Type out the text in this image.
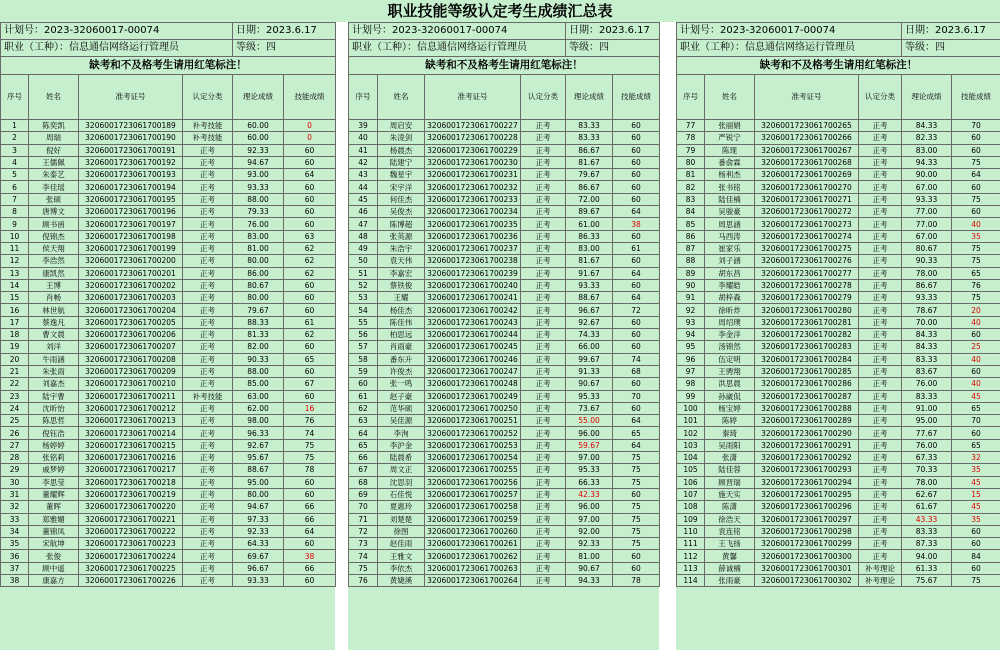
职业技能等级认定考生成绩汇总表
计划号：2023-32060017-00074				日期：2023.6.17	
职业（工种）：信息通信网络运行管理员				等级：四	
缺考和不及格考生请用红笔标注！					
序号	姓名	准考证号	认定分类	理论成绩	技能成绩
1	陈奕凯	3206001723061700189	补考技能	60.00	0
2	周瑞	3206001723061700190	补考技能	60.00	0
3	倪好	3206001723061700191	正考	92.33	60
4	王儒佩	3206001723061700192	正考	94.67	60
5	朱泰艺	3206001723061700193	正考	93.00	64
6	李佳瑶	3206001723061700194	正考	93.33	60
7	张硕	3206001723061700195	正考	88.00	60
8	唐博文	3206001723061700196	正考	79.33	60
9	顾书函	3206001723061700197	正考	76.00	60
10	倪锦杰	3206001723061700198	正考	83.00	63
11	侯天翔	3206001723061700199	正考	81.00	62
12	李浩然	3206001723061700200	正考	80.00	62
13	康凯然	3206001723061700201	正考	86.00	62
14	王博	3206001723061700202	正考	80.67	60
15	肖畅	3206001723061700203	正考	80.00	60
16	林世航	3206001723061700204	正考	79.67	60
17	蔡逸凡	3206001723061700205	正考	88.33	61
18	曹文晨	3206001723061700206	正考	81.33	62
19	刘洋	3206001723061700207	正考	82.00	60
20	牛雨涵	3206001723061700208	正考	90.33	65
21	朱张雨	3206001723061700209	正考	88.00	60
22	刘嘉杰	3206001723061700210	正考	85.00	67
23	陆宇曹	3206001723061700211	补考技能	63.00	60
24	沈昕怡	3206001723061700212	正考	62.00	16
25	陈思哲	3206001723061700213	正考	98.00	76
26	倪钰浩	3206001723061700214	正考	96.33	74
27	杨婷婷	3206001723061700215	正考	92.67	75
28	张铭莉	3206001723061700216	正考	95.67	75
29	戚梦婷	3206001723061700217	正考	88.67	78
30	李思莹	3206001723061700218	正考	95.00	60
31	董耀辉	3206001723061700219	正考	80.00	60
32	董晖	3206001723061700220	正考	94.67	66
33	郑雅媚	3206001723061700221	正考	97.33	66
34	董锦凤	3206001723061700222	正考	92.33	64
35	宋航坤	3206001723061700223	正考	64.33	60
36	张俊	3206001723061700224	正考	69.67	38
37	顾中遥	3206001723061700225	正考	96.67	66
38	康嘉方	3206001723061700226	正考	93.33	60
计划号：2023-32060017-00074				日期：2023.6.17	
职业（工种）：信息通信网络运行管理员				等级：四	
缺考和不及格考生请用红笔标注！					
序号	姓名	准考证号	认定分类	理论成绩	技能成绩
39	周启安	3206001723061700227	正考	83.33	60
40	朱凌剑	3206001723061700228	正考	83.33	60
41	杨晨杰	3206001723061700229	正考	86.67	60
42	陆建宁	3206001723061700230	正考	81.67	60
43	魏星宇	3206001723061700231	正考	79.67	60
44	宋宇洋	3206001723061700232	正考	86.67	60
45	何佳杰	3206001723061700233	正考	72.00	60
46	吴俊杰	3206001723061700234	正考	89.67	64
47	陈博超	3206001723061700235	正考	61.00	38
48	张英源	3206001723061700236	正考	86.33	60
49	朱浩宇	3206001723061700237	正考	83.00	61
50	袁天伟	3206001723061700238	正考	81.67	60
51	李嘉宏	3206001723061700239	正考	91.67	64
52	蔡铁俊	3206001723061700240	正考	93.33	60
53	王耀	3206001723061700241	正考	88.67	64
54	杨佳杰	3206001723061700242	正考	96.67	72
55	陈佳伟	3206001723061700243	正考	92.67	60
56	柏思远	3206001723061700244	正考	74.33	60
57	肖雨豪	3206001723061700245	正考	66.00	60
58	番东升	3206001723061700246	正考	99.67	74
59	许俊杰	3206001723061700247	正考	91.33	68
60	张一鸣	3206001723061700248	正考	90.67	60
61	赵子豪	3206001723061700249	正考	95.33	70
62	范华硕	3206001723061700250	正考	73.67	60
63	吴佳源	3206001723061700251	正考	55.00	64
64	李洵	3206001723061700252	正考	96.00	65
65	李沪金	3206001723061700253	正考	59.67	64
66	陆晨希	3206001723061700254	正考	97.00	75
67	周文正	3206001723061700255	正考	95.33	75
68	沈思羽	3206001723061700256	正考	66.33	75
69	石佳悦	3206001723061700257	正考	42.33	60
70	夏惠玲	3206001723061700258	正考	96.00	75
71	刘楚楚	3206001723061700259	正考	97.00	75
72	徐图	3206001723061700260	正考	92.00	75
73	赵佳雨	3206001723061700261	正考	92.33	75
74	王雅文	3206001723061700262	正考	81.00	60
75	李依杰	3206001723061700263	正考	90.67	60
76	黄婕溪	3206001723061700264	正考	94.33	78
计划号：2023-32060017-00074				日期：2023.6.17	
职业（工种）：信息通信网络运行管理员				等级：四	
缺考和不及格考生请用红笔标注！					
序号	姓名	准考证号	认定分类	理论成绩	技能成绩
77	张丽娟	3206001723061700265	正考	84.33	70
78	严锐宁	3206001723061700266	正考	82.33	60
79	陈现	3206001723061700267	正考	83.00	60
80	番俞霖	3206001723061700268	正考	94.33	75
81	杨利杰	3206001723061700269	正考	90.00	64
82	张书铭	3206001723061700270	正考	67.00	60
83	陆佳楠	3206001723061700271	正考	93.33	75
84	吴骏豪	3206001723061700272	正考	77.00	60
85	周思涵	3206001723061700273	正考	77.00	40
86	马西涛	3206001723061700274	正考	67.00	35
87	崔家乐	3206001723061700275	正考	80.67	75
88	刘子涵	3206001723061700276	正考	90.33	75
89	胡东昌	3206001723061700277	正考	78.00	65
90	李耀皓	3206001723061700278	正考	86.67	76
91	胡梓森	3206001723061700279	正考	93.33	75
92	徐昕炸	3206001723061700280	正考	78.67	20
93	周绍璞	3206001723061700281	正考	70.00	40
94	李金洋	3206001723061700282	正考	84.33	60
95	汤锦然	3206001723061700283	正考	84.33	25
96	伍定明	3206001723061700284	正考	83.33	40
97	王骋翔	3206001723061700285	正考	83.67	60
98	洪思晨	3206001723061700286	正考	76.00	40
99	孙崴侃	3206001723061700287	正考	83.33	45
100	杨宝婷	3206001723061700288	正考	91.00	65
101	陈婷	3206001723061700289	正考	95.00	70
102	秦琦	3206001723061700290	正考	77.67	60
103	吴雨阳	3206001723061700291	正考	76.00	65
104	张潇	3206001723061700292	正考	67.33	32
105	陆佳蓉	3206001723061700293	正考	70.33	35
106	顾晋瑞	3206001723061700294	正考	78.00	45
107	施天实	3206001723061700295	正考	62.67	15
108	陈潇	3206001723061700296	正考	61.67	45
109	徐浩天	3206001723061700297	正考	43.33	35
110	袁连铭	3206001723061700298	正考	83.33	60
111	王飞扬	3206001723061700299	正考	87.33	60
112	黄馨	3206001723061700300	正考	94.00	84
113	薛诚楠	3206001723061700301	补考理论	61.33	60
114	张雨豪	3206001723061700302	补考理论	75.67	75
